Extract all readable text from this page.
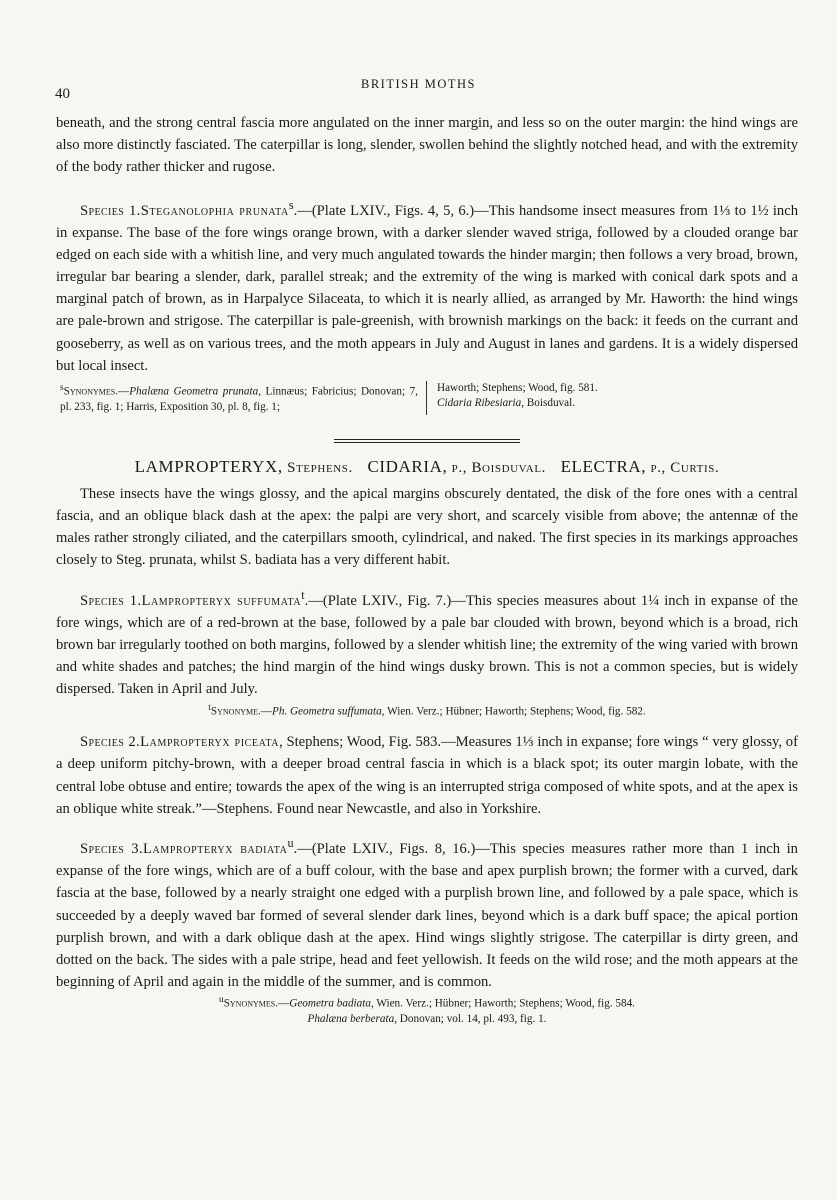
40
BRITISH MOTHS

beneath, and the strong central fascia more angulated on the inner margin, and less so on the outer margin: the hind wings are also more distinctly fasciated. The caterpillar is long, slender, swollen behind the slightly notched head, and with the extremity of the body rather thicker and rugose.

Species 1.Steganolophia prunata$^s$.—(Plate LXIV., Figs. 4, 5, 6.)—This handsome insect measures from 1⅓ to 1½ inch in expanse. The base of the fore wings orange brown, with a darker slender waved striga, followed by a clouded orange bar edged on each side with a whitish line, and very much angulated towards the hinder margin; then follows a very broad, brown, irregular bar bearing a slender, dark, parallel streak; and the extremity of the wing is marked with conical dark spots and a marginal patch of brown, as in Harpalyce Silaceata, to which it is nearly allied, as arranged by Mr. Haworth: the hind wings are pale-brown and strigose. The caterpillar is pale-greenish, with brownish markings on the back: it feeds on the currant and gooseberry, as well as on various trees, and the moth appears in July and August in lanes and gardens. It is a widely dispersed but local insect.

$^s$Synonymes.—Phalæna Geometra prunata, Linnæus; Fabricius; Donovan; 7, pl. 233, fig. 1; Harris, Exposition 30, pl. 8, fig. 1;
Haworth; Stephens; Wood, fig. 581.
Cidaria Ribesiaria, Boisduval.
LAMPROPTERYX, Stephens. CIDARIA, p., Boisduval. ELECTRA, p., Curtis.

These insects have the wings glossy, and the apical margins obscurely dentated, the disk of the fore ones with a central fascia, and an oblique black dash at the apex: the palpi are very short, and scarcely visible from above; the antennæ of the males rather strongly ciliated, and the caterpillars smooth, cylindrical, and naked. The first species in its markings approaches closely to Steg. prunata, whilst S. badiata has a very different habit.

Species 1.Lampropteryx suffumata$^t$.—(Plate LXIV., Fig. 7.)—This species measures about 1¼ inch in expanse of the fore wings, which are of a red-brown at the base, followed by a pale bar clouded with brown, beyond which is a broad, rich brown bar irregularly toothed on both margins, followed by a slender whitish line; the extremity of the wing varied with brown and white shades and patches; the hind margin of the hind wings dusky brown. This is not a common species, but is widely dispersed. Taken in April and July.

$^t$Synonyme.—Ph. Geometra suffumata, Wien. Verz.; Hübner; Haworth; Stephens; Wood, fig. 582.

Species 2.Lampropteryx piceata, Stephens; Wood, Fig. 583.—Measures 1⅓ inch in expanse; fore wings “ very glossy, of a deep uniform pitchy-brown, with a deeper broad central fascia in which is a black spot; its outer margin lobate, with the central lobe obtuse and entire; towards the apex of the wing is an interrupted striga composed of white spots, and at the apex is an oblique white streak.”—Stephens. Found near Newcastle, and also in Yorkshire.

Species 3.Lampropteryx badiata$^u$.—(Plate LXIV., Figs. 8, 16.)—This species measures rather more than 1 inch in expanse of the fore wings, which are of a buff colour, with the base and apex purplish brown; the former with a curved, dark fascia at the base, followed by a nearly straight one edged with a purplish brown line, and followed by a pale space, which is succeeded by a deeply waved bar formed of several slender dark lines, beyond which is a dark buff space; the apical portion purplish brown, and with a dark oblique dash at the apex. Hind wings slightly strigose. The caterpillar is dirty green, and dotted on the back. The sides with a pale stripe, head and feet yellowish. It feeds on the wild rose; and the moth appears at the beginning of April and again in the middle of the summer, and is common.

$^u$Synonymes.—Geometra badiata, Wien. Verz.; Hübner; Haworth; Stephens; Wood, fig. 584.
Phalæna berberata, Donovan; vol. 14, pl. 493, fig. 1.
